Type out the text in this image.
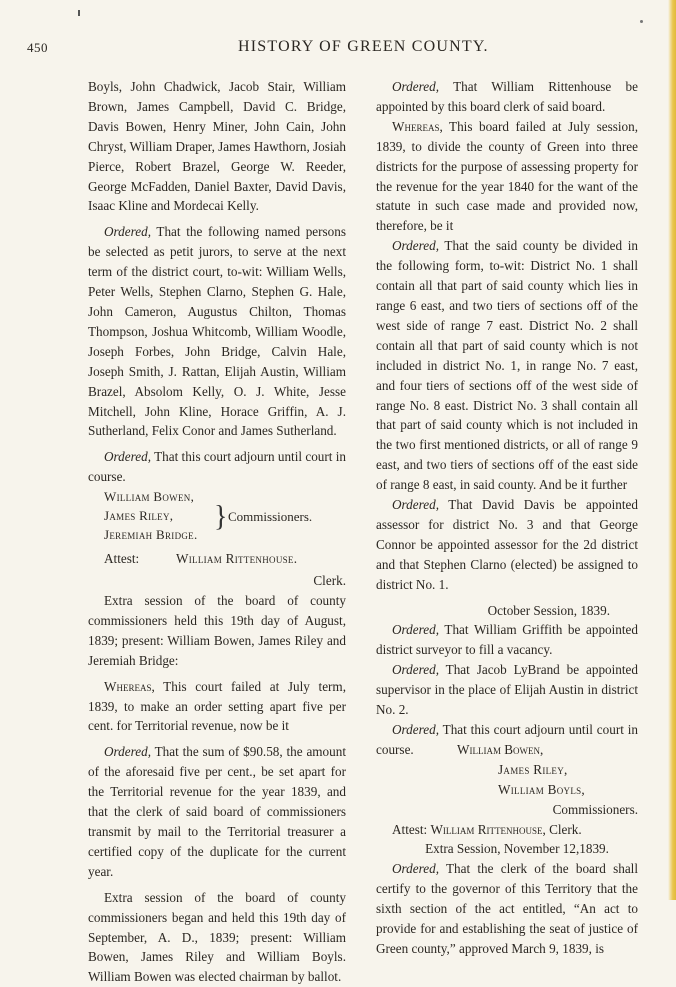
450	HISTORY OF GREEN COUNTY.

Boyls, John Chadwick, Jacob Stair, William Brown, James Campbell, David C. Bridge, Davis Bowen, Henry Miner, John Cain, John Chryst, William Draper, James Hawthorn, Josiah Pierce, Robert Brazel, George W. Reeder, George McFadden, Daniel Baxter, David Davis, Isaac Kline and Mordecai Kelly.

Ordered, That the following named persons be selected as petit jurors, to serve at the next term of the district court, to-wit: William Wells, Peter Wells, Stephen Clarno, Stephen G. Hale, John Cameron, Augustus Chilton, Thomas Thompson, Joshua Whitcomb, William Woodle, Joseph Forbes, John Bridge, Calvin Hale, Joseph Smith, J. Rattan, Elijah Austin, William Brazel, Absolom Kelly, O. J. White, Jesse Mitchell, John Kline, Horace Griffin, A. J. Sutherland, Felix Conor and James Sutherland.

Ordered, That this court adjourn until court in course.

William Bowen,
James Riley,
Jeremiah Bridge.
} Commissioners.
Attest:	William Rittenhouse.

Clerk.

Extra session of the board of county commissioners held this 19th day of August, 1839; present: William Bowen, James Riley and Jeremiah Bridge:

Whereas, This court failed at July term, 1839, to make an order setting apart five per cent. for Territorial revenue, now be it

Ordered, That the sum of $90.58, the amount of the aforesaid five per cent., be set apart for the Territorial revenue for the year 1839, and that the clerk of said board of commissioners transmit by mail to the Territorial treasurer a certified copy of the duplicate for the current year.

Extra session of the board of county commissioners began and held this 19th day of September, A. D., 1839; present: William Bowen, James Riley and William Boyls. William Bowen was elected chairman by ballot.

Ordered, That William Rittenhouse be appointed by this board clerk of said board.

Whereas, This board failed at July session, 1839, to divide the county of Green into three districts for the purpose of assessing property for the revenue for the year 1840 for the want of the statute in such case made and provided now, therefore, be it

Ordered, That the said county be divided in the following form, to-wit: District No. 1 shall contain all that part of said county which lies in range 6 east, and two tiers of sections off of the west side of range 7 east. District No. 2 shall contain all that part of said county which is not included in district No. 1, in range No. 7 east, and four tiers of sections off of the west side of range No. 8 east. District No. 3 shall contain all that part of said county which is not included in the two first mentioned districts, or all of range 9 east, and two tiers of sections off of the east side of range 8 east, in said county. And be it further

Ordered, That David Davis be appointed assessor for district No. 3 and that George Connor be appointed assessor for the 2d district and that Stephen Clarno (elected) be assigned to district No. 1.

October Session, 1839.

Ordered, That William Griffith be appointed district surveyor to fill a vacancy.

Ordered, That Jacob LyBrand be appointed supervisor in the place of Elijah Austin in district No. 2.

Ordered, That this court adjourn until court in course.	William Bowen,

James Riley,

William Boyls,

Commissioners.

Attest: William Rittenhouse, Clerk.

Extra Session, November 12,1839.

Ordered, That the clerk of the board shall certify to the governor of this Territory that the sixth section of the act entitled, “An act to provide for and establishing the seat of justice of Green county,” approved March 9, 1839, is
